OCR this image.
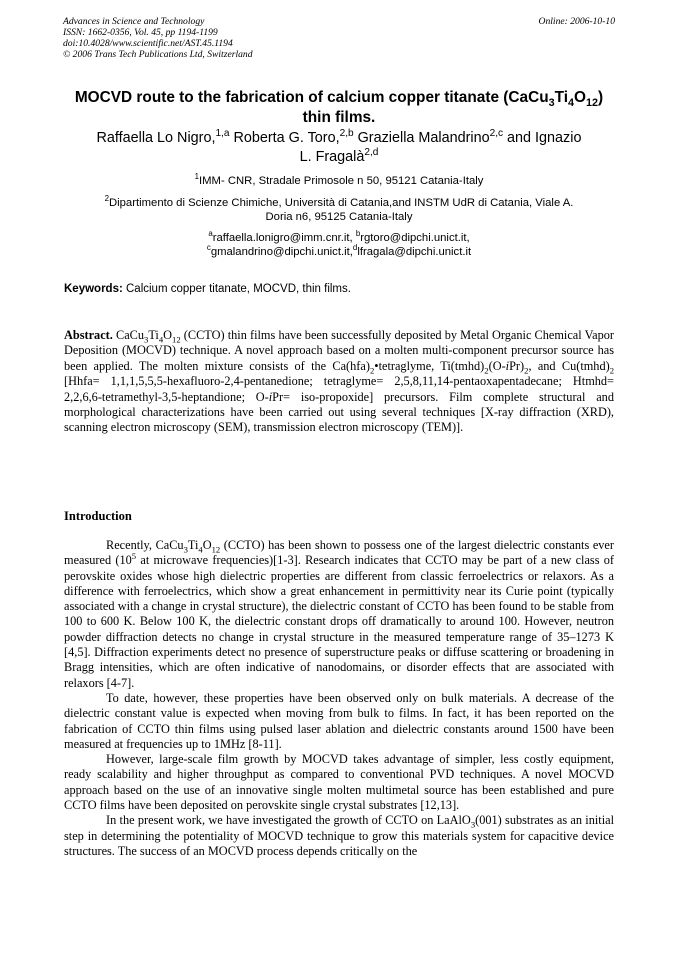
Advances in Science and Technology
ISSN: 1662-0356, Vol. 45, pp 1194-1199
doi:10.4028/www.scientific.net/AST.45.1194
© 2006 Trans Tech Publications Ltd, Switzerland
Online: 2006-10-10
MOCVD route to the fabrication of calcium copper titanate $(CaCu_3Ti_4O_{12})$
thin films.
Raffaella Lo Nigro,$^{1,a}$ Roberta G. Toro,$^{2,b}$ Graziella Malandrino$^{2,c}$ and Ignazio
L. Fragalà$^{2,d}$
$^1$IMM- CNR, Stradale Primosole n 50, 95121 Catania-Italy
$^2$Dipartimento di Scienze Chimiche, Università di Catania,and INSTM UdR di Catania, Viale A.
Doria n6, 95125 Catania-Italy
$^a$raffaella.lonigro@imm.cnr.it, $^b$rgtoro@dipchi.unict.it,
$^c$gmalandrino@dipchi.unict.it,$^d$lfragala@dipchi.unict.it
Keywords: Calcium copper titanate, MOCVD, thin films.
Abstract. $CaCu_3Ti_4O_{12}$ (CCTO) thin films have been successfully deposited by Metal Organic Chemical Vapor Deposition (MOCVD) technique. A novel approach based on a molten multi-component precursor source has been applied. The molten mixture consists of the $Ca(hfa)_2•tetraglyme$, $Ti(tmhd)_2(O-iPr)_2$, and $Cu(tmhd)_2$ [Hhfa= 1,1,1,5,5,5-hexafluoro-2,4-pentanedione; tetraglyme= 2,5,8,11,14-pentaoxapentadecane; Htmhd= 2,2,6,6-tetramethyl-3,5-heptandione; O-iPr= iso-propoxide] precursors. Film complete structural and morphological characterizations have been carried out using several techniques [X-ray diffraction (XRD), scanning electron microscopy (SEM), transmission electron microscopy (TEM)].
Introduction

Recently, $CaCu_3Ti_4O_{12}$ (CCTO) has been shown to possess one of the largest dielectric constants ever measured ($10^5$ at microwave frequencies)[1-3]. Research indicates that CCTO may be part of a new class of perovskite oxides whose high dielectric properties are different from classic ferroelectrics or relaxors. As a difference with ferroelectrics, which show a great enhancement in permittivity near its Curie point (typically associated with a change in crystal structure), the dielectric constant of CCTO has been found to be stable from 100 to 600 K. Below 100 K, the dielectric constant drops off dramatically to around 100. However, neutron powder diffraction detects no change in crystal structure in the measured temperature range of 35–1273 K [4,5]. Diffraction experiments detect no presence of superstructure peaks or diffuse scattering or broadening in Bragg intensities, which are often indicative of nanodomains, or disorder effects that are associated with relaxors [4-7].

To date, however, these properties have been observed only on bulk materials. A decrease of the dielectric constant value is expected when moving from bulk to films. In fact, it has been reported on the fabrication of CCTO thin films using pulsed laser ablation and dielectric constants around 1500 have been measured at frequencies up to 1MHz [8-11].

However, large-scale film growth by MOCVD takes advantage of simpler, less costly equipment, ready scalability and higher throughput as compared to conventional PVD techniques. A novel MOCVD approach based on the use of an innovative single molten multimetal source has been established and pure CCTO films have been deposited on perovskite single crystal substrates [12,13].

In the present work, we have investigated the growth of CCTO on LaAlO$_3$(001) substrates as an initial step in determining the potentiality of MOCVD technique to grow this materials system for capacitive device structures. The success of an MOCVD process depends critically on the
